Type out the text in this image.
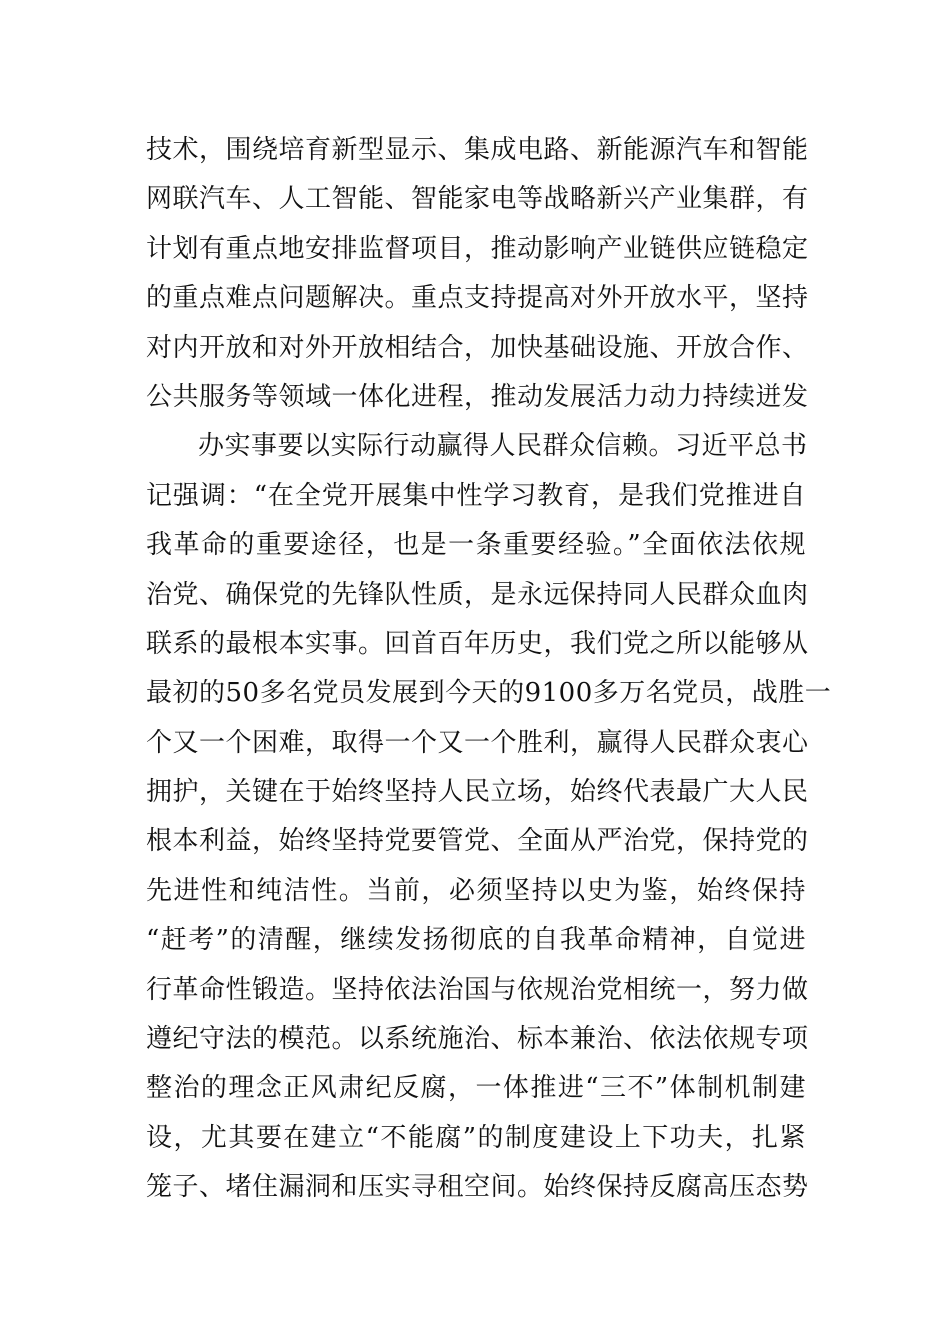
技术，围绕培育新型显示、集成电路、新能源汽车和智能
网联汽车、人工智能、智能家电等战略新兴产业集群，有
计划有重点地安排监督项目，推动影响产业链供应链稳定
的重点难点问题解决。重点支持提高对外开放水平，坚持
对内开放和对外开放相结合，加快基础设施、开放合作、
公共服务等领域一体化进程，推动发展活力动力持续迸发
办实事要以实际行动赢得人民群众信赖。习近平总书
记强调：“在全党开展集中性学习教育，是我们党推进自
我革命的重要途径，也是一条重要经验。”全面依法依规
治党、确保党的先锋队性质，是永远保持同人民群众血肉
联系的最根本实事。回首百年历史，我们党之所以能够从
最初的50多名党员发展到今天的9100多万名党员，战胜一
个又一个困难，取得一个又一个胜利，赢得人民群众衷心
拥护，关键在于始终坚持人民立场，始终代表最广大人民
根本利益，始终坚持党要管党、全面从严治党，保持党的
先进性和纯洁性。当前，必须坚持以史为鉴，始终保持
“赶考”的清醒，继续发扬彻底的自我革命精神，自觉进
行革命性锻造。坚持依法治国与依规治党相统一，努力做
遵纪守法的模范。以系统施治、标本兼治、依法依规专项
整治的理念正风肃纪反腐，一体推进“三不”体制机制建
设，尤其要在建立“不能腐”的制度建设上下功夫，扎紧
笼子、堵住漏洞和压实寻租空间。始终保持反腐高压态势
